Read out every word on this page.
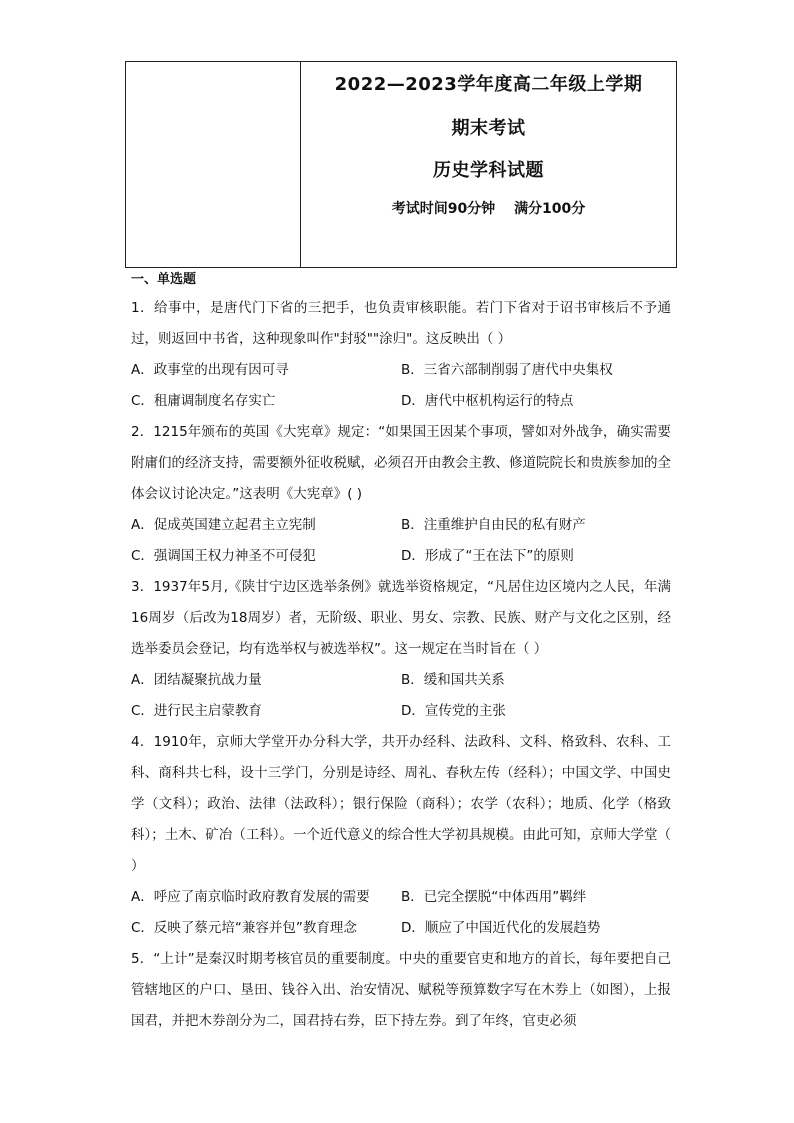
2022—2023学年度高二年级上学期
期末考试
历史学科试题
考试时间90分钟 满分100分
一、单选题
1．给事中，是唐代门下省的三把手，也负责审核职能。若门下省对于诏书审核后不予通过，则返回中书省，这种现象叫作"封驳""涂归"。这反映出（ ）
A．政事堂的出现有因可寻	B．三省六部制削弱了唐代中央集权
C．租庸调制度名存实亡	D．唐代中枢机构运行的特点
2．1215年颁布的英国《大宪章》规定：“如果国王因某个事项，譬如对外战争，确实需要附庸们的经济支持，需要额外征收税赋，必须召开由教会主教、修道院院长和贵族参加的全体会议讨论决定。”这表明《大宪章》( )
A．促成英国建立起君主立宪制	B．注重维护自由民的私有财产
C．强调国王权力神圣不可侵犯	D．形成了“王在法下”的原则
3．1937年5月,《陕甘宁边区选举条例》就选举资格规定，“凡居住边区境内之人民，年满16周岁（后改为18周岁）者，无阶级、职业、男女、宗教、民族、财产与文化之区别，经选举委员会登记，均有选举权与被选举权”。这一规定在当时旨在（ ）
A．团结凝聚抗战力量	B．缓和国共关系
C．进行民主启蒙教育	D．宣传党的主张
4．1910年，京师大学堂开办分科大学，共开办经科、法政科、文科、格致科、农科、工科、商科共七科，设十三学门，分别是诗经、周礼、春秋左传（经科）；中国文学、中国史学（文科）；政治、法律（法政科）；银行保险（商科）；农学（农科）；地质、化学（格致科）；土木、矿冶（工科）。一个近代意义的综合性大学初具规模。由此可知，京师大学堂（ ）
A．呼应了南京临时政府教育发展的需要	B．已完全摆脱“中体西用”羁绊
C．反映了蔡元培“兼容并包”教育理念	D．顺应了中国近代化的发展趋势
5．“上计”是秦汉时期考核官员的重要制度。中央的重要官吏和地方的首长，每年要把自己管辖地区的户口、垦田、钱谷入出、治安情况、赋税等预算数字写在木券上（如图），上报国君，并把木券剖分为二，国君持右券，臣下持左券。到了年终，官吏必须
